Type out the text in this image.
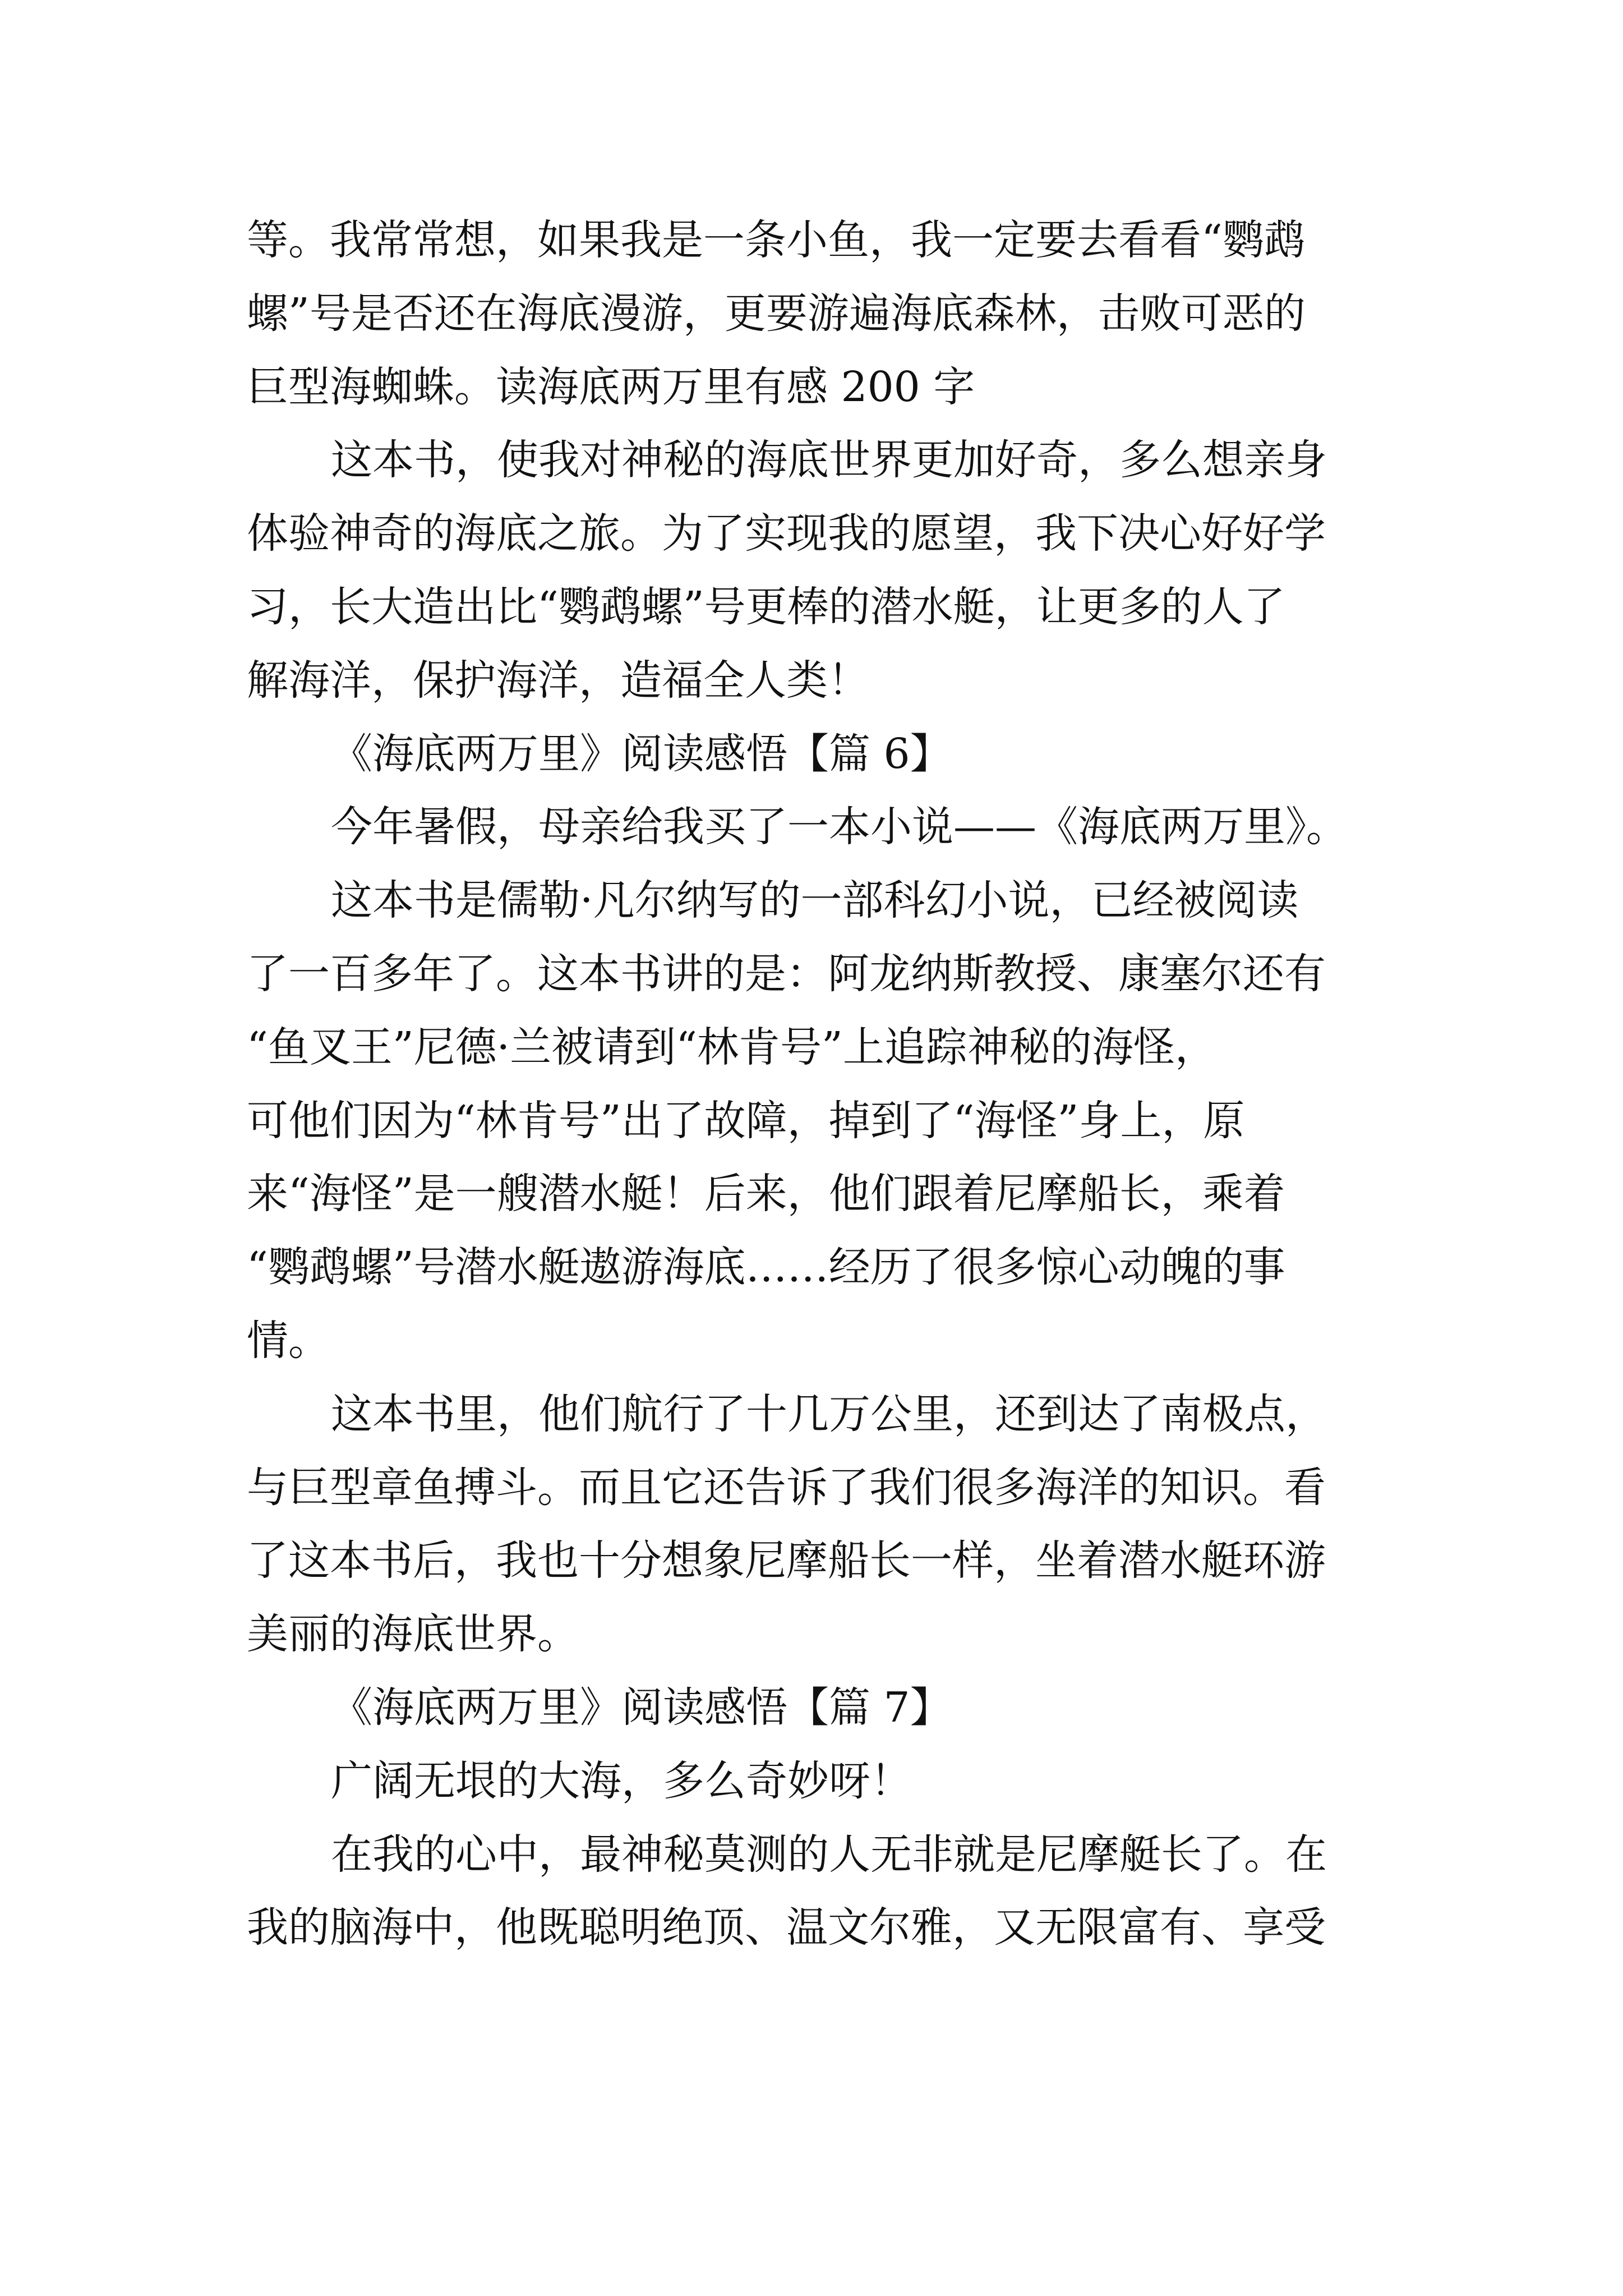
等。我常常想，如果我是一条小鱼，我一定要去看看“鹦鹉
螺”号是否还在海底漫游，更要游遍海底森林，击败可恶的
巨型海蜘蛛。读海底两万里有感 200 字
这本书，使我对神秘的海底世界更加好奇，多么想亲身
体验神奇的海底之旅。为了实现我的愿望，我下决心好好学
习，长大造出比“鹦鹉螺”号更棒的潜水艇，让更多的人了
解海洋，保护海洋，造福全人类！
《海底两万里》阅读感悟【篇 6】
今年暑假，母亲给我买了一本小说——《海底两万里》。
这本书是儒勒·凡尔纳写的一部科幻小说，已经被阅读
了一百多年了。这本书讲的是：阿龙纳斯教授、康塞尔还有
“鱼叉王”尼德·兰被请到“林肯号”上追踪神秘的海怪，
可他们因为“林肯号”出了故障，掉到了“海怪”身上，原
来“海怪”是一艘潜水艇！后来，他们跟着尼摩船长，乘着
“鹦鹉螺”号潜水艇遨游海底……经历了很多惊心动魄的事
情。
这本书里，他们航行了十几万公里，还到达了南极点，
与巨型章鱼搏斗。而且它还告诉了我们很多海洋的知识。看
了这本书后，我也十分想象尼摩船长一样，坐着潜水艇环游
美丽的海底世界。
《海底两万里》阅读感悟【篇 7】
广阔无垠的大海，多么奇妙呀！
在我的心中，最神秘莫测的人无非就是尼摩艇长了。在
我的脑海中，他既聪明绝顶、温文尔雅，又无限富有、享受
